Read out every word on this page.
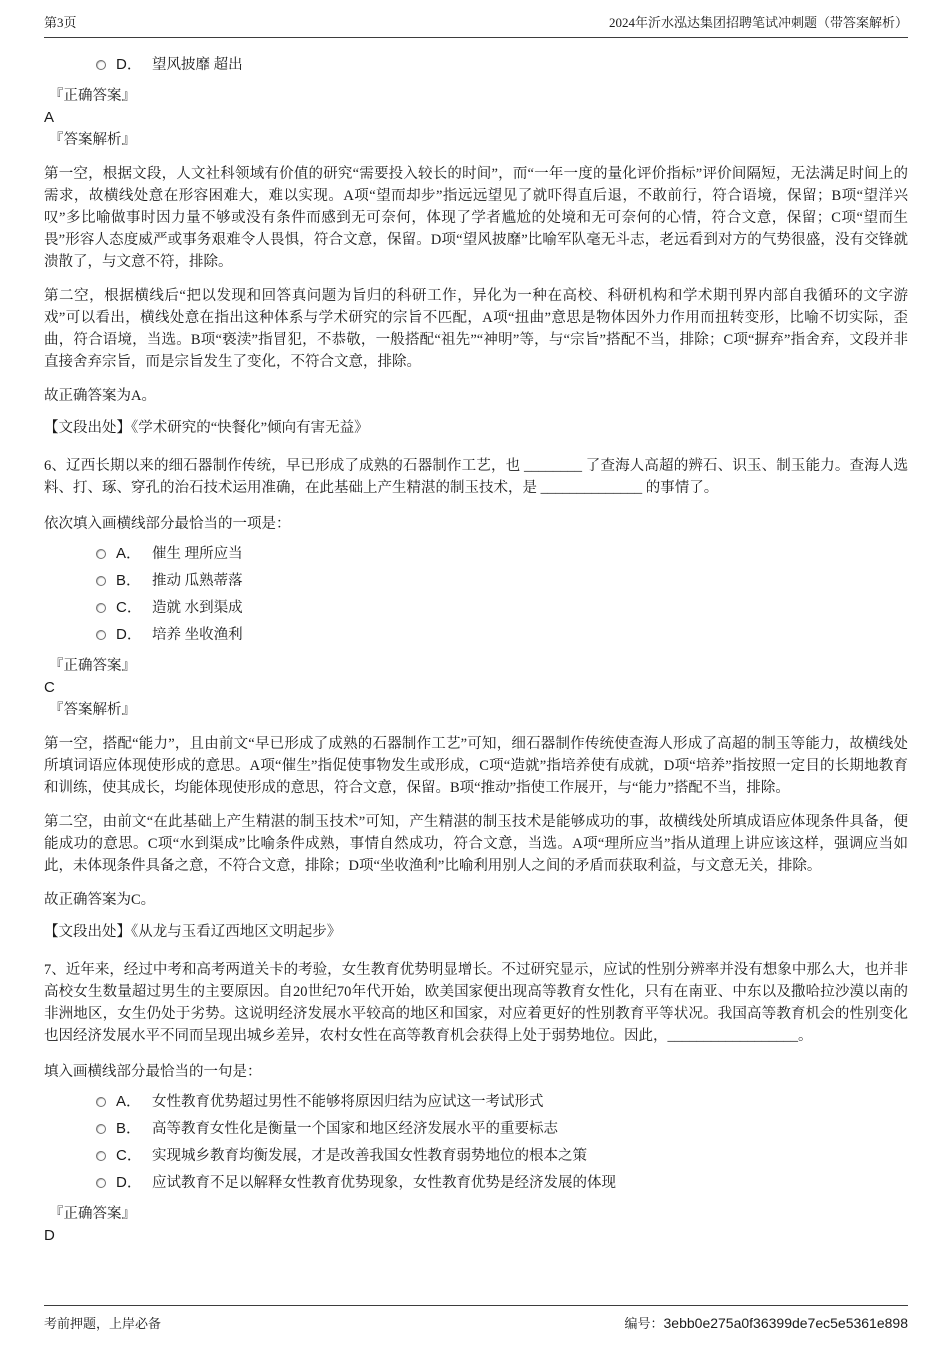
第3页	2024年沂水泓达集团招聘笔试冲刺题（带答案解析）
D． 望风披靡 超出
『正确答案』
A
『答案解析』

第一空，根据文段，人文社科领域有价值的研究“需要投入较长的时间”，而“一年一度的量化评价指标”评价间隔短，无法满足时间上的需求，故横线处意在形容困难大，难以实现。A项“望而却步”指远远望见了就吓得直后退，不敢前行，符合语境，保留；B项“望洋兴叹”多比喻做事时因力量不够或没有条件而感到无可奈何，体现了学者尴尬的处境和无可奈何的心情，符合文意，保留；C项“望而生畏”形容人态度威严或事务艰难令人畏惧，符合文意，保留。D项“望风披靡”比喻军队毫无斗志，老远看到对方的气势很盛，没有交锋就溃散了，与文意不符，排除。

第二空，根据横线后“把以发现和回答真问题为旨归的科研工作，异化为一种在高校、科研机构和学术期刊界内部自我循环的文字游戏”可以看出，横线处意在指出这种体系与学术研究的宗旨不匹配，A项“扭曲”意思是物体因外力作用而扭转变形，比喻不切实际，歪曲，符合语境，当选。B项“亵渎”指冒犯，不恭敬，一般搭配“祖先”“神明”等，与“宗旨”搭配不当，排除；C项“摒弃”指舍弃，文段并非直接舍弃宗旨，而是宗旨发生了变化，不符合文意，排除。

故正确答案为A。

【文段出处】《学术研究的“快餐化”倾向有害无益》

6、辽西长期以来的细石器制作传统，早已形成了成熟的石器制作工艺，也 ________ 了查海人高超的辨石、识玉、制玉能力。查海人选料、打、琢、穿孔的治石技术运用准确，在此基础上产生精湛的制玉技术，是 ______________ 的事情了。

依次填入画横线部分最恰当的一项是：

A． 催生 理所应当
B． 推动 瓜熟蒂落
C． 造就 水到渠成
D． 培养 坐收渔利
『正确答案』
C
『答案解析』

第一空，搭配“能力”，且由前文“早已形成了成熟的石器制作工艺”可知，细石器制作传统使查海人形成了高超的制玉等能力，故横线处所填词语应体现使形成的意思。A项“催生”指促使事物发生或形成，C项“造就”指培养使有成就，D项“培养”指按照一定目的长期地教育和训练，使其成长，均能体现使形成的意思，符合文意，保留。B项“推动”指使工作展开，与“能力”搭配不当，排除。

第二空，由前文“在此基础上产生精湛的制玉技术”可知，产生精湛的制玉技术是能够成功的事，故横线处所填成语应体现条件具备，便能成功的意思。C项“水到渠成”比喻条件成熟，事情自然成功，符合文意，当选。A项“理所应当”指从道理上讲应该这样，强调应当如此，未体现条件具备之意，不符合文意，排除；D项“坐收渔利”比喻利用别人之间的矛盾而获取利益，与文意无关，排除。

故正确答案为C。

【文段出处】《从龙与玉看辽西地区文明起步》

7、近年来，经过中考和高考两道关卡的考验，女生教育优势明显增长。不过研究显示，应试的性别分辨率并没有想象中那么大，也并非高校女生数量超过男生的主要原因。自20世纪70年代开始，欧美国家便出现高等教育女性化，只有在南亚、中东以及撒哈拉沙漠以南的非洲地区，女生仍处于劣势。这说明经济发展水平较高的地区和国家，对应着更好的性别教育平等状况。我国高等教育机会的性别变化也因经济发展水平不同而呈现出城乡差异，农村女性在高等教育机会获得上处于弱势地位。因此，__________________。

填入画横线部分最恰当的一句是：

A． 女性教育优势超过男性不能够将原因归结为应试这一考试形式
B． 高等教育女性化是衡量一个国家和地区经济发展水平的重要标志
C． 实现城乡教育均衡发展，才是改善我国女性教育弱势地位的根本之策
D． 应试教育不足以解释女性教育优势现象，女性教育优势是经济发展的体现
『正确答案』
D
考前押题，上岸必备	编号：3ebb0e275a0f36399de7ec5e5361e898
